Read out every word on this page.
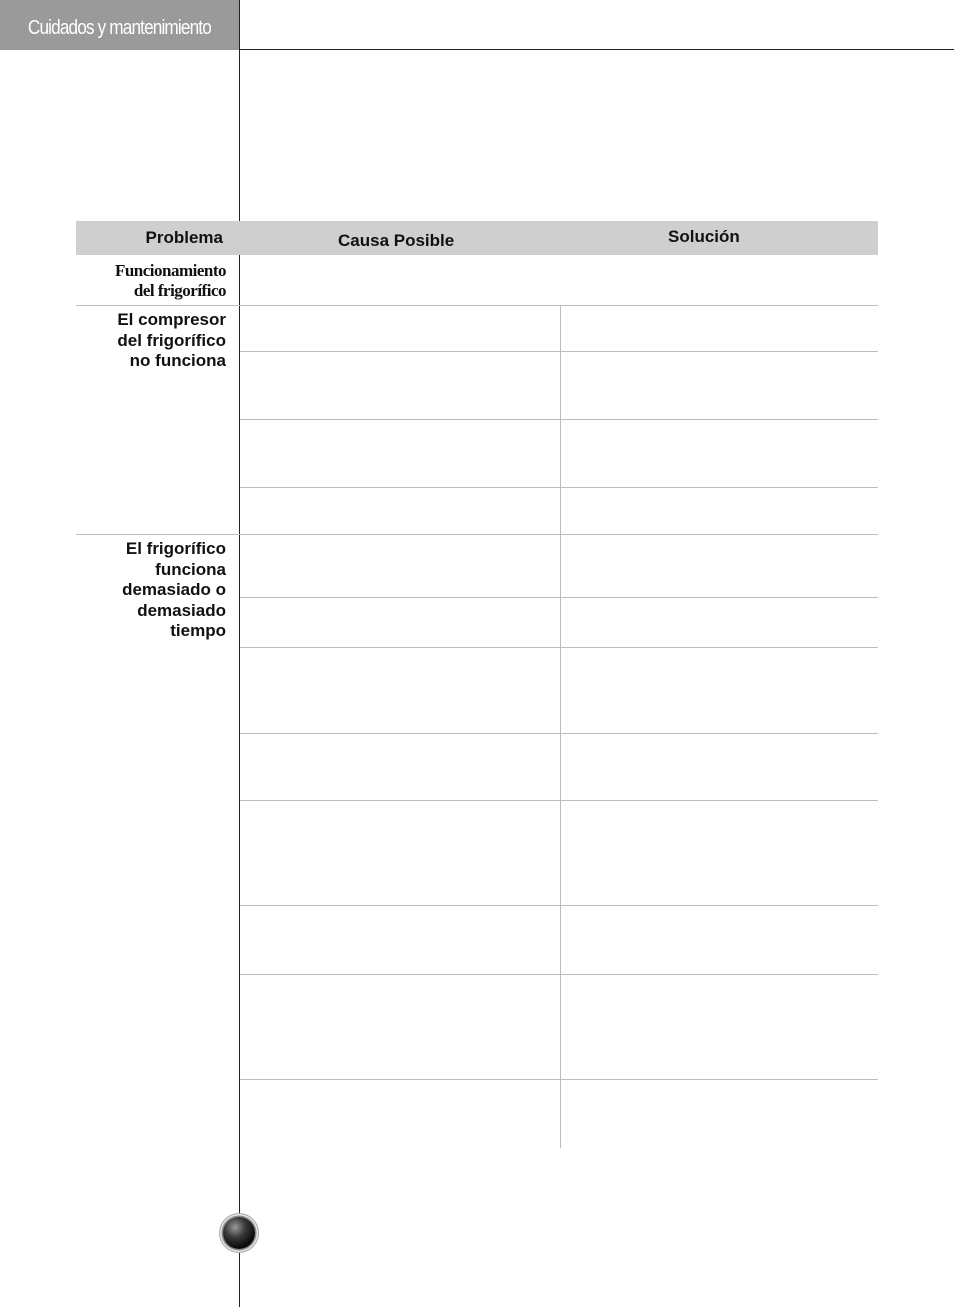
Cuidados y mantenimiento
Problema	Causa Posible	Solución
Funcionamiento
del frigorífico
El compresor
del frigorífico
no funciona
El frigorífico
funciona
demasiado o
demasiado
tiempo
